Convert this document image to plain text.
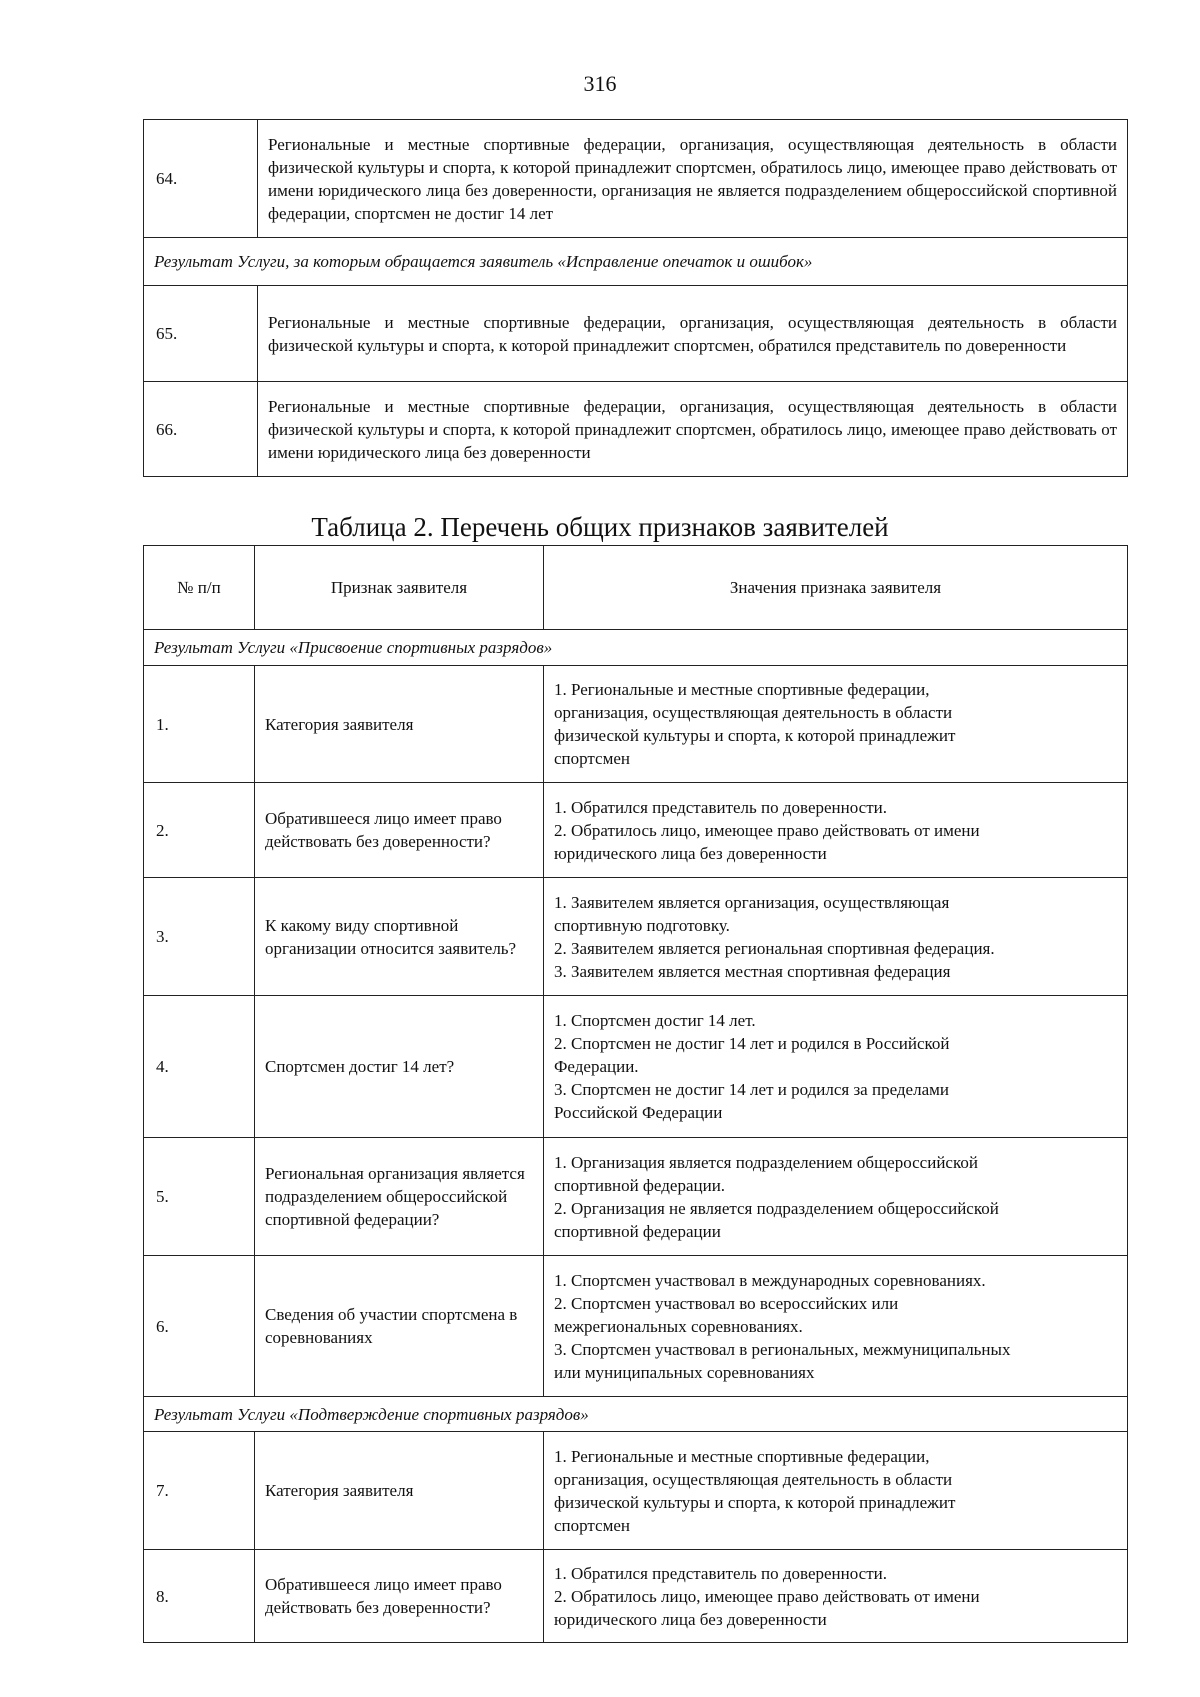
316
64.	Региональные и местные спортивные федерации, организация, осуществляющая деятельность в области физической культуры и спорта, к которой принадлежит спортсмен, обратилось лицо, имеющее право действовать от имени юридического лица без доверенности, организация не является подразделением общероссийской спортивной федерации, спортсмен не достиг 14 лет
Результат Услуги, за которым обращается заявитель «Исправление опечаток и ошибок»	
65.	Региональные и местные спортивные федерации, организация, осуществляющая деятельность в области физической культуры и спорта, к которой принадлежит спортсмен, обратился представитель по доверенности
66.	Региональные и местные спортивные федерации, организация, осуществляющая деятельность в области физической культуры и спорта, к которой принадлежит спортсмен, обратилось лицо, имеющее право действовать от имени юридического лица без доверенности
Таблица 2. Перечень общих признаков заявителей
№ п/п	Признак заявителя	Значения признака заявителя
Результат Услуги «Присвоение спортивных разрядов»		
1.	Категория заявителя	1. Региональные и местные спортивные федерации,
организация, осуществляющая деятельность в области
физической культуры и спорта, к которой принадлежит
спортсмен

2.	Обратившееся лицо имеет право действовать без доверенности?	1. Обратился представитель по доверенности.
2. Обратилось лицо, имеющее право действовать от имени
юридического лица без доверенности

3.	К какому виду спортивной организации относится заявитель?	1. Заявителем является организация, осуществляющая
спортивную подготовку.
2. Заявителем является региональная спортивная федерация.
3. Заявителем является местная спортивная федерация

4.	Спортсмен достиг 14 лет?	1. Спортсмен достиг 14 лет.
2. Спортсмен не достиг 14 лет и родился в Российской
Федерации.
3. Спортсмен не достиг 14 лет и родился за пределами
Российской Федерации

5.	Региональная организация является подразделением общероссийской спортивной федерации?	1. Организация является подразделением общероссийской
спортивной федерации.
2. Организация не является подразделением общероссийской
спортивной федерации

6.	Сведения об участии спортсмена в соревнованиях	1. Спортсмен участвовал в международных соревнованиях.
2. Спортсмен участвовал во всероссийских или
межрегиональных соревнованиях.
3. Спортсмен участвовал в региональных, межмуниципальных
или муниципальных соревнованиях

Результат Услуги «Подтверждение спортивных разрядов»		
7.	Категория заявителя	1. Региональные и местные спортивные федерации,
организация, осуществляющая деятельность в области
физической культуры и спорта, к которой принадлежит
спортсмен

8.	Обратившееся лицо имеет право действовать без доверенности?	1. Обратился представитель по доверенности.
2. Обратилось лицо, имеющее право действовать от имени
юридического лица без доверенности
